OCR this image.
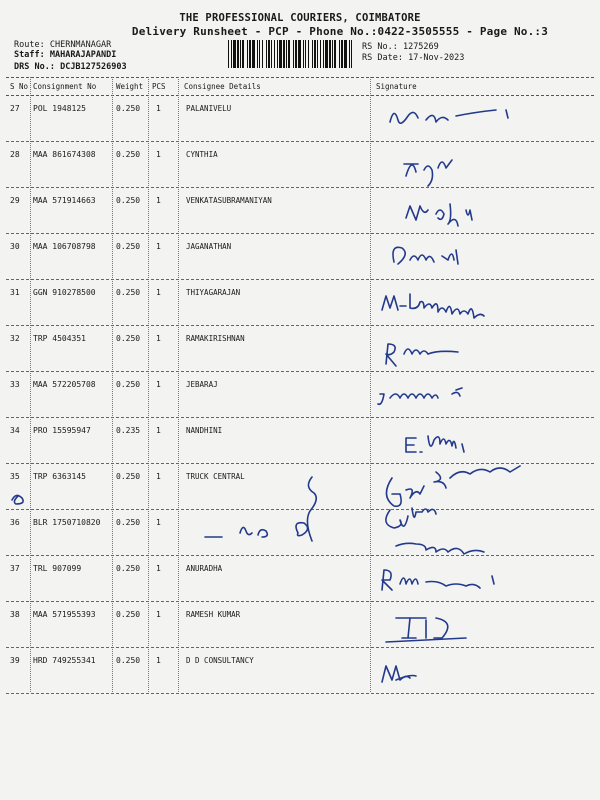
THE PROFESSIONAL COURIERS, COIMBATORE
Delivery Runsheet - PCP - Phone No.:0422-3505555 - Page No.:3
Route: CHERNMANAGAR
Staff: MAHARAJAPANDI
DRS No.: DCJB127526903
RS No.: 1275269
RS Date: 17-Nov-2023
S No Consignment No	Weight PCS Consignee Details	Signature
27 POL 1948125	0.250 1	PALANIVELU
28 MAA 861674308	0.250 1	CYNTHIA
29 MAA 571914663	0.250 1	VENKATASUBRAMANIYAN
30 MAA 106708798	0.250 1	JAGANATHAN
31 GGN 910278500	0.250 1	THIYAGARAJAN
32 TRP 4504351	0.250 1	RAMAKIRISHNAN
33 MAA 572205708	0.250 1	JEBARAJ
34 PRO 15595947	0.235 1	NANDHINI
35 TRP 6363145	0.250 1	TRUCK CENTRAL
36 BLR 1750710820 0.250 1
37 TRL 907099	0.250 1	ANURADHA
38 MAA 571955393	0.250 1	RAMESH KUMAR
39 HRD 749255341	0.250 1	D D CONSULTANCY
